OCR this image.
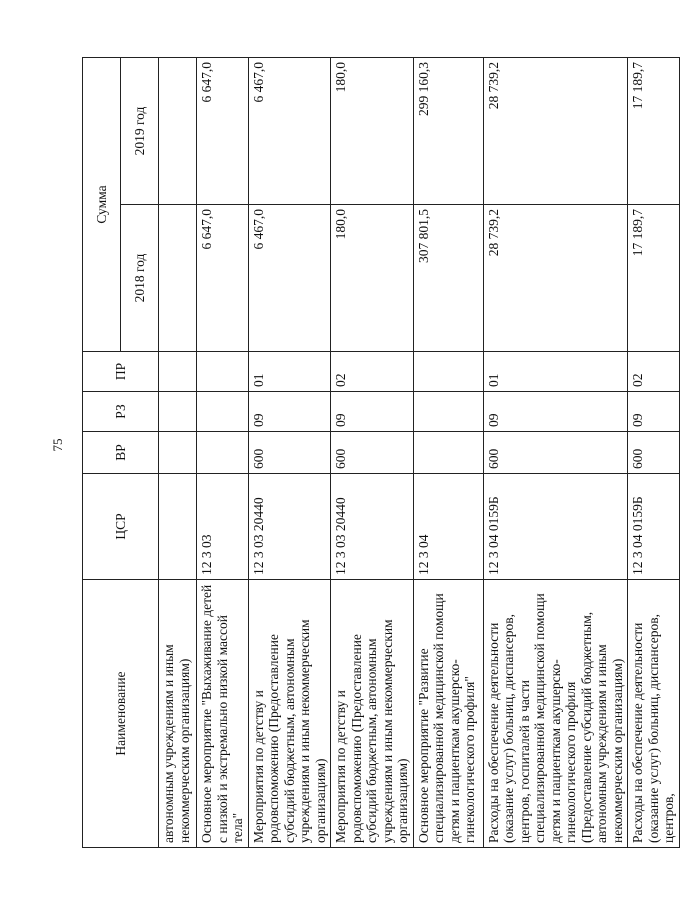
75
Наименование	ЦСР	ВР	РЗ	ПР	Сумма	
					2018 год	2019 год
автономным учреждениям и иным некоммерческим организациям)						
Основное мероприятие "Выхаживание детей с низкой и экстремально низкой массой тела"	12 3 03				6 647,0	6 647,0
Мероприятия по детству и родовспоможению (Предоставление субсидий бюджетным, автономным учреждениям и иным некоммерческим организациям)	12 3 03 20440	600	09	01	6 467,0	6 467,0
Мероприятия по детству и родовспоможению (Предоставление субсидий бюджетным, автономным учреждениям и иным некоммерческим организациям)	12 3 03 20440	600	09	02	180,0	180,0
Основное мероприятие "Развитие специализированной медицинской помощи детям и пациенткам акушерско-гинекологического профиля"	12 3 04				307 801,5	299 160,3
Расходы на обеспечение деятельности (оказание услуг) больниц, диспансеров, центров, госпиталей в части специализированной медицинской помощи детям и пациенткам акушерско-гинекологического профиля (Предоставление субсидий бюджетным, автономным учреждениям и иным некоммерческим организациям)	12 3 04 0159Б	600	09	01	28 739,2	28 739,2
Расходы на обеспечение деятельности (оказание услуг) больниц, диспансеров, центров,	12 3 04 0159Б	600	09	02	17 189,7	17 189,7
